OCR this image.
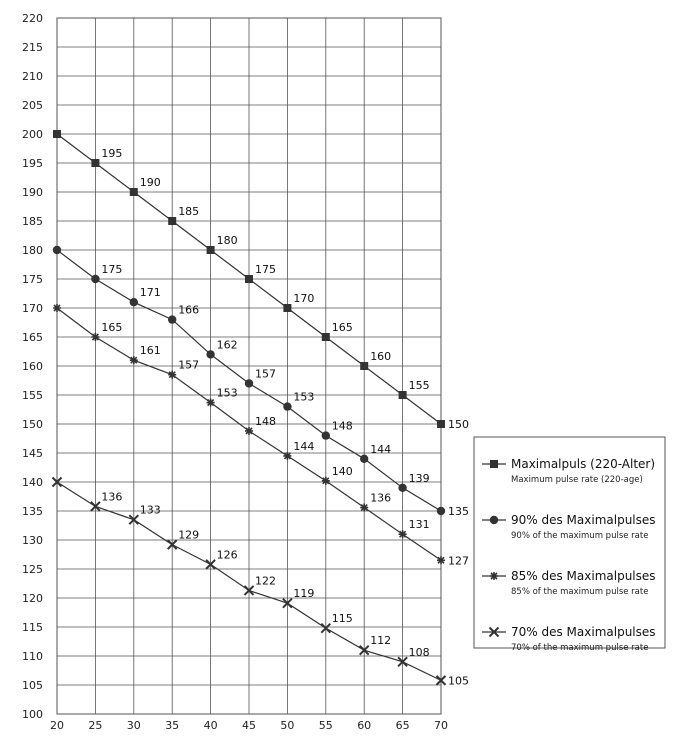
20 25 30 35 40 45 50 55 60 65 70
100
105
110
115
120
125
130
135
140
145
150
155
160
165
170
175
180
185
190
195
200
205
210
215
220
195
190
185
180
175
170
165
160
155
150
175
171
166
162
157
153
148
144
139
135
165
161
157
153
148
144
140
136
131
127
136
133
129
126
122
119
115
112
108
105
Maximalpuls (220-Alter)
Maximum pulse rate (220-age)
90% des Maximalpulses
90% of the maximum pulse rate
85% des Maximalpulses
85% of the maximum pulse rate
70% des Maximalpulses
70% of the maximum pulse rate
